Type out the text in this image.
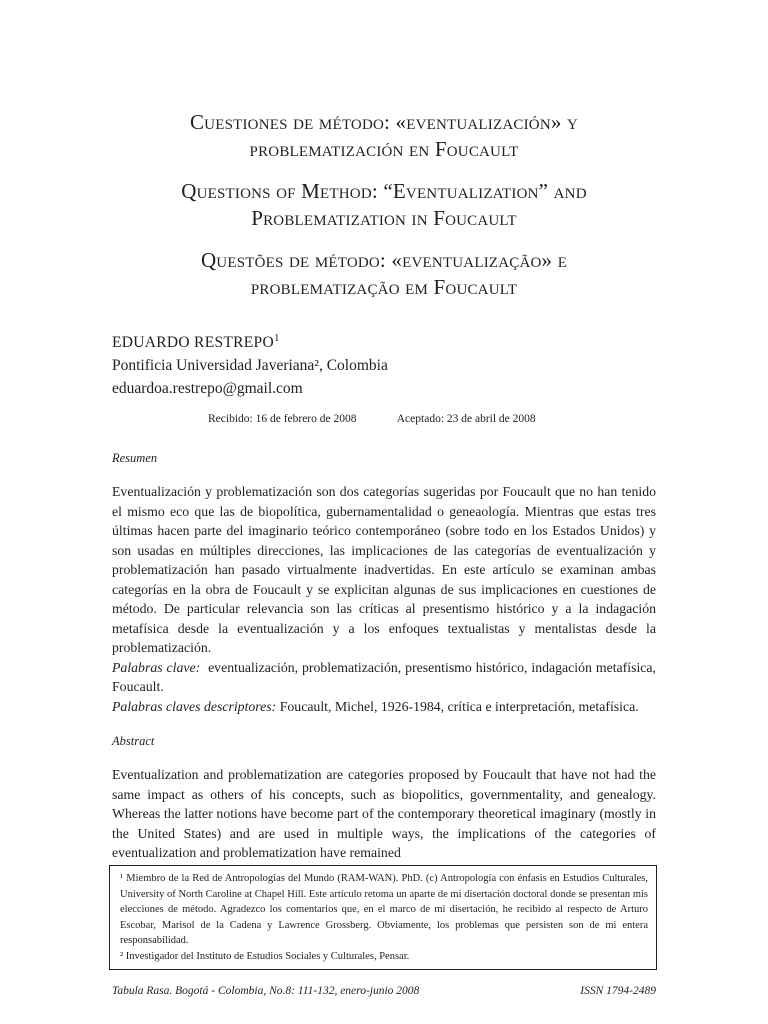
Cuestiones de método: «eventualización» y
problematización en Foucault
Questions of Method: “Eventualization” and
Problematization in Foucault
Questões de método: «eventualização» e
problematização em Foucault
EDUARDO RESTREPO$^1$
Pontificia Universidad Javeriana², Colombia
eduardoa.restrepo@gmail.com
Recibido: 16 de febrero de 2008	Aceptado: 23 de abril de 2008
Resumen

Eventualización y problematización son dos categorías sugeridas por Foucault que no han tenido el mismo eco que las de biopolítica, gubernamentalidad o geneaología. Mientras que estas tres últimas hacen parte del imaginario teórico contemporáneo (sobre todo en los Estados Unidos) y son usadas en múltiples direcciones, las implicaciones de las categorías de eventualización y problematización han pasado virtualmente inadvertidas. En este artículo se examinan ambas categorías en la obra de Foucault y se explicitan algunas de sus implicaciones en cuestiones de método. De particular relevancia son las críticas al presentismo histórico y a la indagación metafísica desde la eventualización y a los enfoques textualistas y mentalistas desde la problematización.

Palabras clave: eventualización, problematización, presentismo histórico, indagación metafísica, Foucault.

Palabras claves descriptores: Foucault, Michel, 1926-1984, crítica e interpretación, metafísica.

Abstract
Eventualization and problematization are categories proposed by Foucault that have not had the same impact as others of his concepts, such as biopolitics, governmentality, and genealogy. Whereas the latter notions have become part of the contemporary theoretical imaginary (mostly in the United States) and are used in multiple ways, the implications of the categories of eventualization and problematization have remained

¹ Miembro de la Red de Antropologías del Mundo (RAM-WAN). PhD. (c) Antropología con énfasis en Estudios Culturales, University of North Caroline at Chapel Hill. Este artículo retoma un aparte de mi disertación doctoral donde se presentan mis elecciones de método. Agradezco los comentarios que, en el marco de mi disertación, he recibido al respecto de Arturo Escobar, Marisol de la Cadena y Lawrence Grossberg. Obviamente, los problemas que persisten son de mi entera responsabilidad.

² Investigador del Instituto de Estudios Sociales y Culturales, Pensar.

Tabula Rasa. Bogotá - Colombia, No.8: 111-132, enero-junio 2008	ISSN 1794-2489
